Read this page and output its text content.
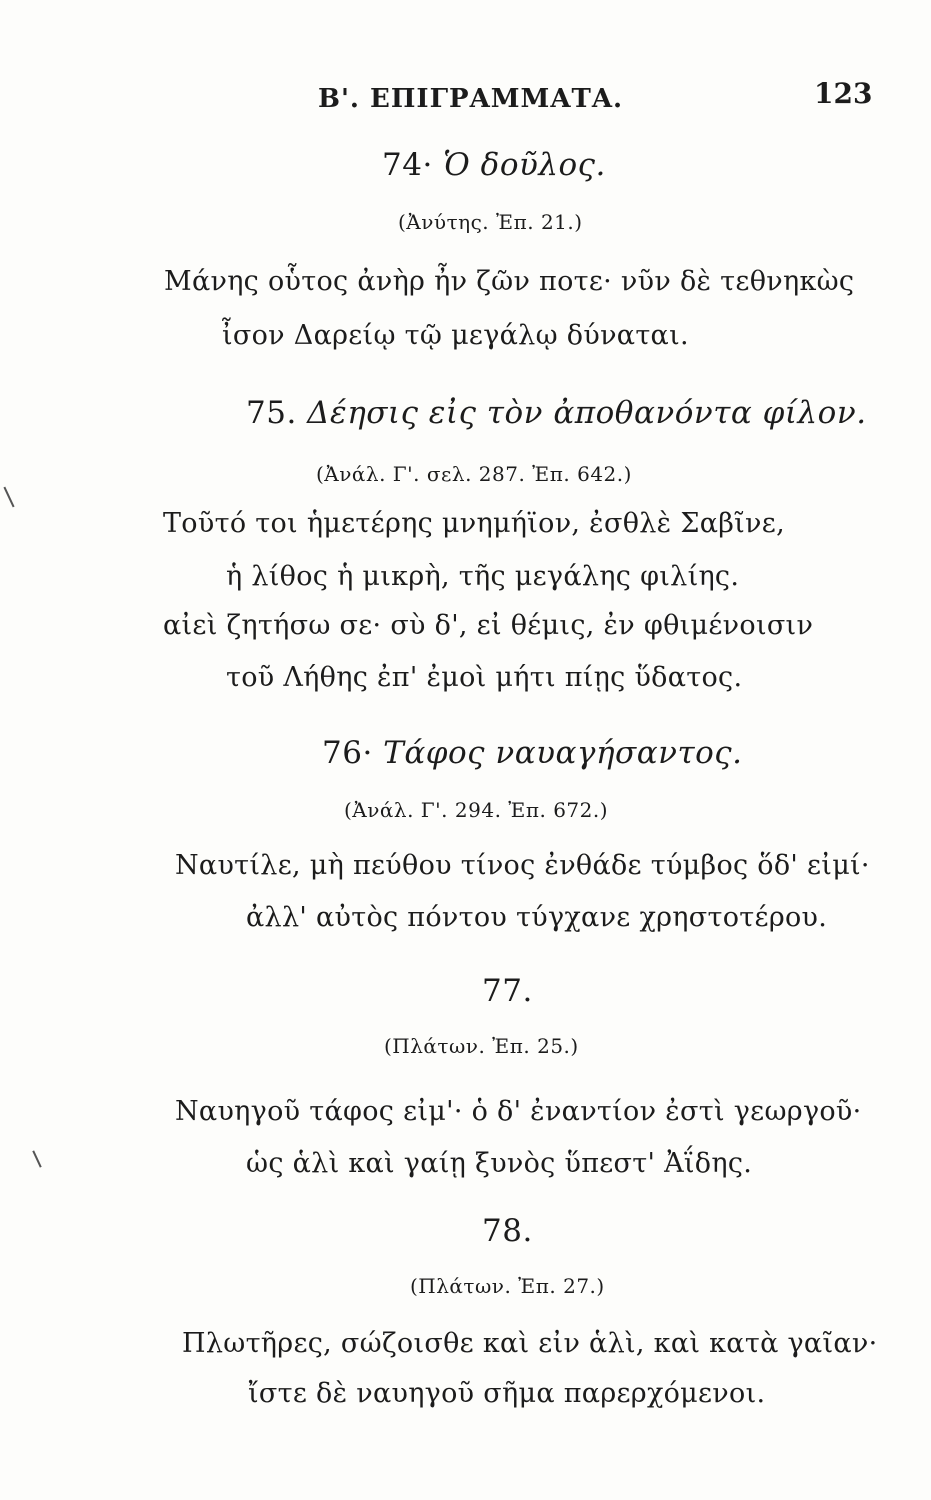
Β'. ΕΠΙΓΡΑΜΜΑΤΑ.	123
74· Ὁ δοῦλος.
(Ἀνύτης. Ἐπ. 21.)
Μάνης οὗτος ἀνὴρ ἦν ζῶν ποτε· νῦν δὲ τεθνηκὼς
ἶσον Δαρείῳ τῷ μεγάλῳ δύναται.
75. Δέησις εἰς τὸν ἀποθανόντα φίλον.
(Ἀνάλ. Γ'. σελ. 287. Ἐπ. 642.)
Τοῦτό τοι ἡμετέρης μνημήϊον, ἐσθλὲ Σαβῖνε,
ἡ λίθος ἡ μικρὴ, τῆς μεγάλης φιλίης.
αἰεὶ ζητήσω σε· σὺ δ', εἰ θέμις, ἐν φθιμένοισιν
τοῦ Λήθης ἐπ' ἐμοὶ μήτι πίῃς ὕδατος.
76· Τάφος ναυαγήσαντος.
(Ἀνάλ. Γ'. 294. Ἐπ. 672.)
Ναυτίλε, μὴ πεύθου τίνος ἐνθάδε τύμβος ὅδ' εἰμί·
ἀλλ' αὐτὸς πόντου τύγχανε χρηστοτέρου.
77.
(Πλάτων. Ἐπ. 25.)
Ναυηγοῦ τάφος εἰμ'· ὁ δ' ἐναντίον ἐστὶ γεωργοῦ·
ὡς ἁλὶ καὶ γαίῃ ξυνὸς ὕπεστ' Ἀΐδης.
78.
(Πλάτων. Ἐπ. 27.)
Πλωτῆρες, σώζοισθε καὶ εἰν ἁλὶ, καὶ κατὰ γαῖαν·
ἴστε δὲ ναυηγοῦ σῆμα παρερχόμενοι.
